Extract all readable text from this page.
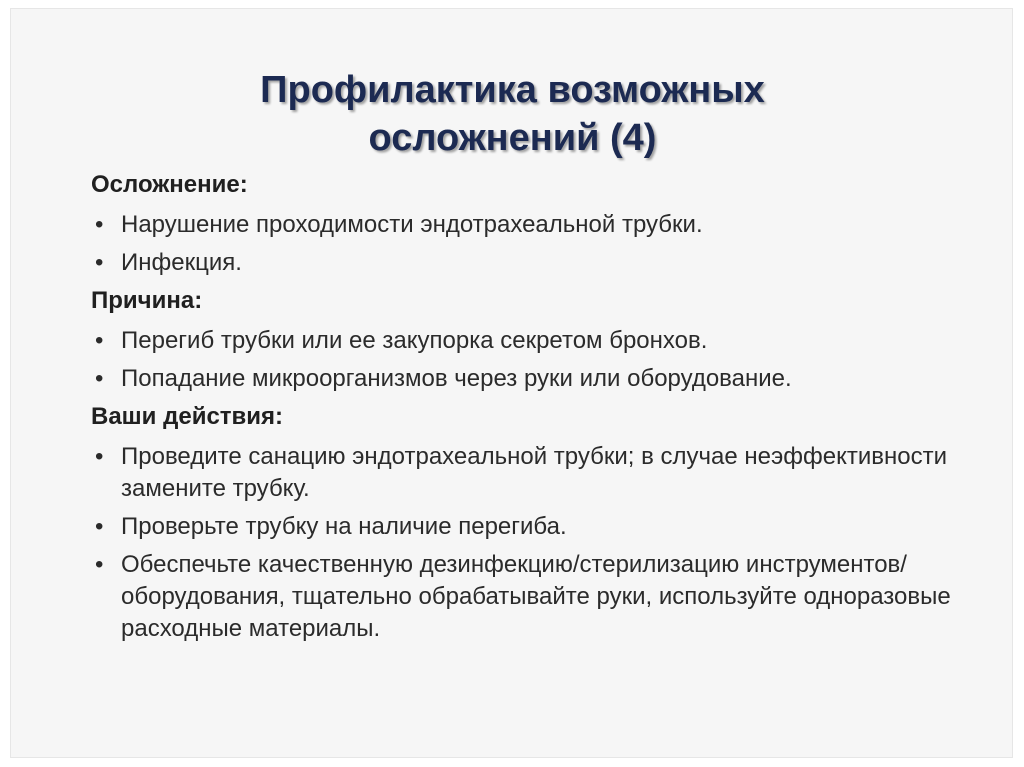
Профилактика возможных
осложнений (4)
Осложнение:
• Нарушение проходимости эндотрахеальной трубки.
• Инфекция.
Причина:
• Перегиб трубки или ее закупорка секретом бронхов.
• Попадание микроорганизмов через руки или оборудование.
Ваши действия:
• Проведите санацию эндотрахеальной трубки; в случае неэффективности замените трубку.
• Проверьте трубку на наличие перегиба.
• Обеспечьте качественную дезинфекцию/стерилизацию инструментов/оборудования, тщательно обрабатывайте руки, используйте одноразовые расходные материалы.
